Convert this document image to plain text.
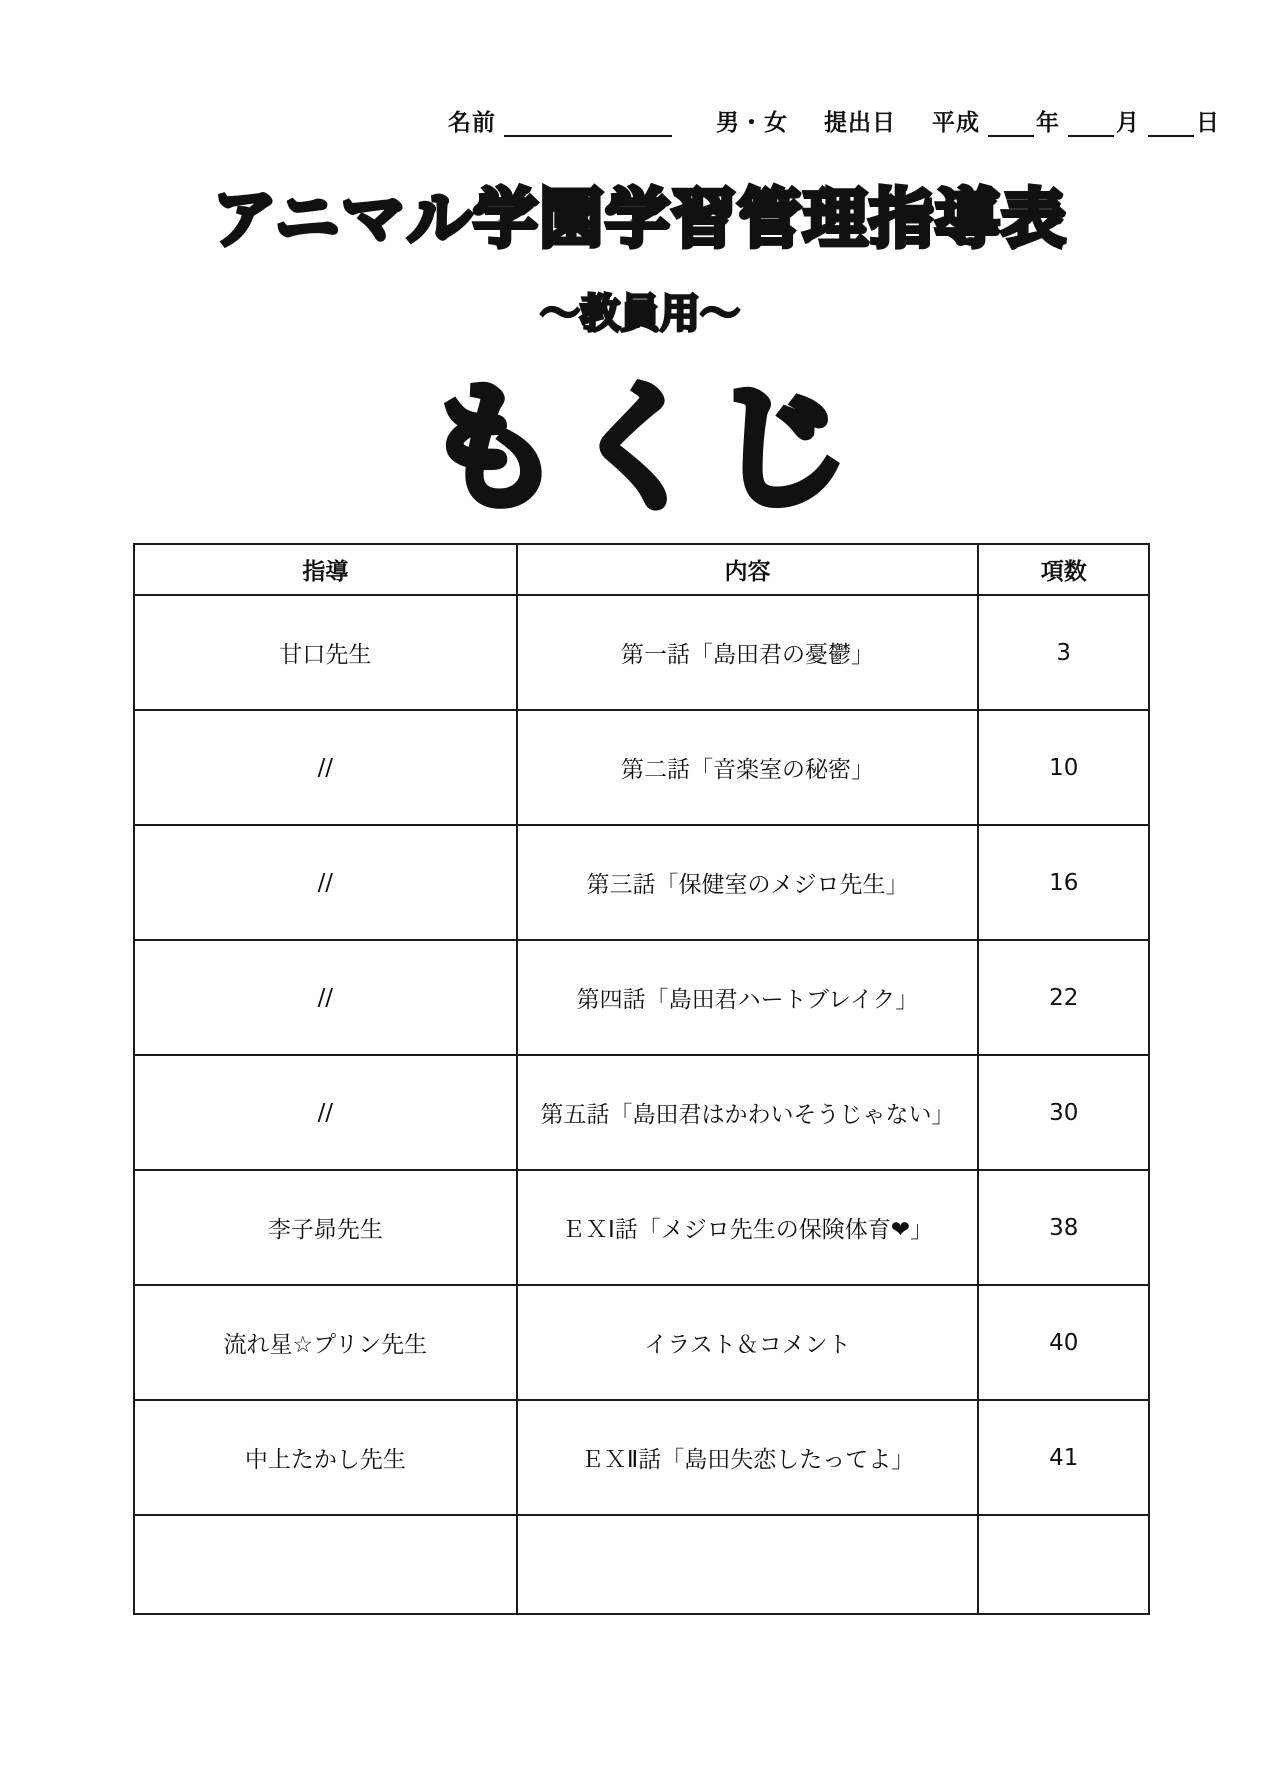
名前	男・女 提出日 平成 年 月 日
アニマル学園学習管理指導表
～教員用～
もくじ
指導	内容	項数
甘口先生	第一話「島田君の憂鬱」	3
//	第二話「音楽室の秘密」	10
//	第三話「保健室のメジロ先生」	16
//	第四話「島田君ハートブレイク」	22
//	第五話「島田君はかわいそうじゃない」	30
李子昴先生	ＥＸⅠ話「メジロ先生の保険体育❤」	38
流れ星☆プリン先生	イラスト＆コメント	40
中上たかし先生	ＥＸⅡ話「島田失恋したってよ」	41
